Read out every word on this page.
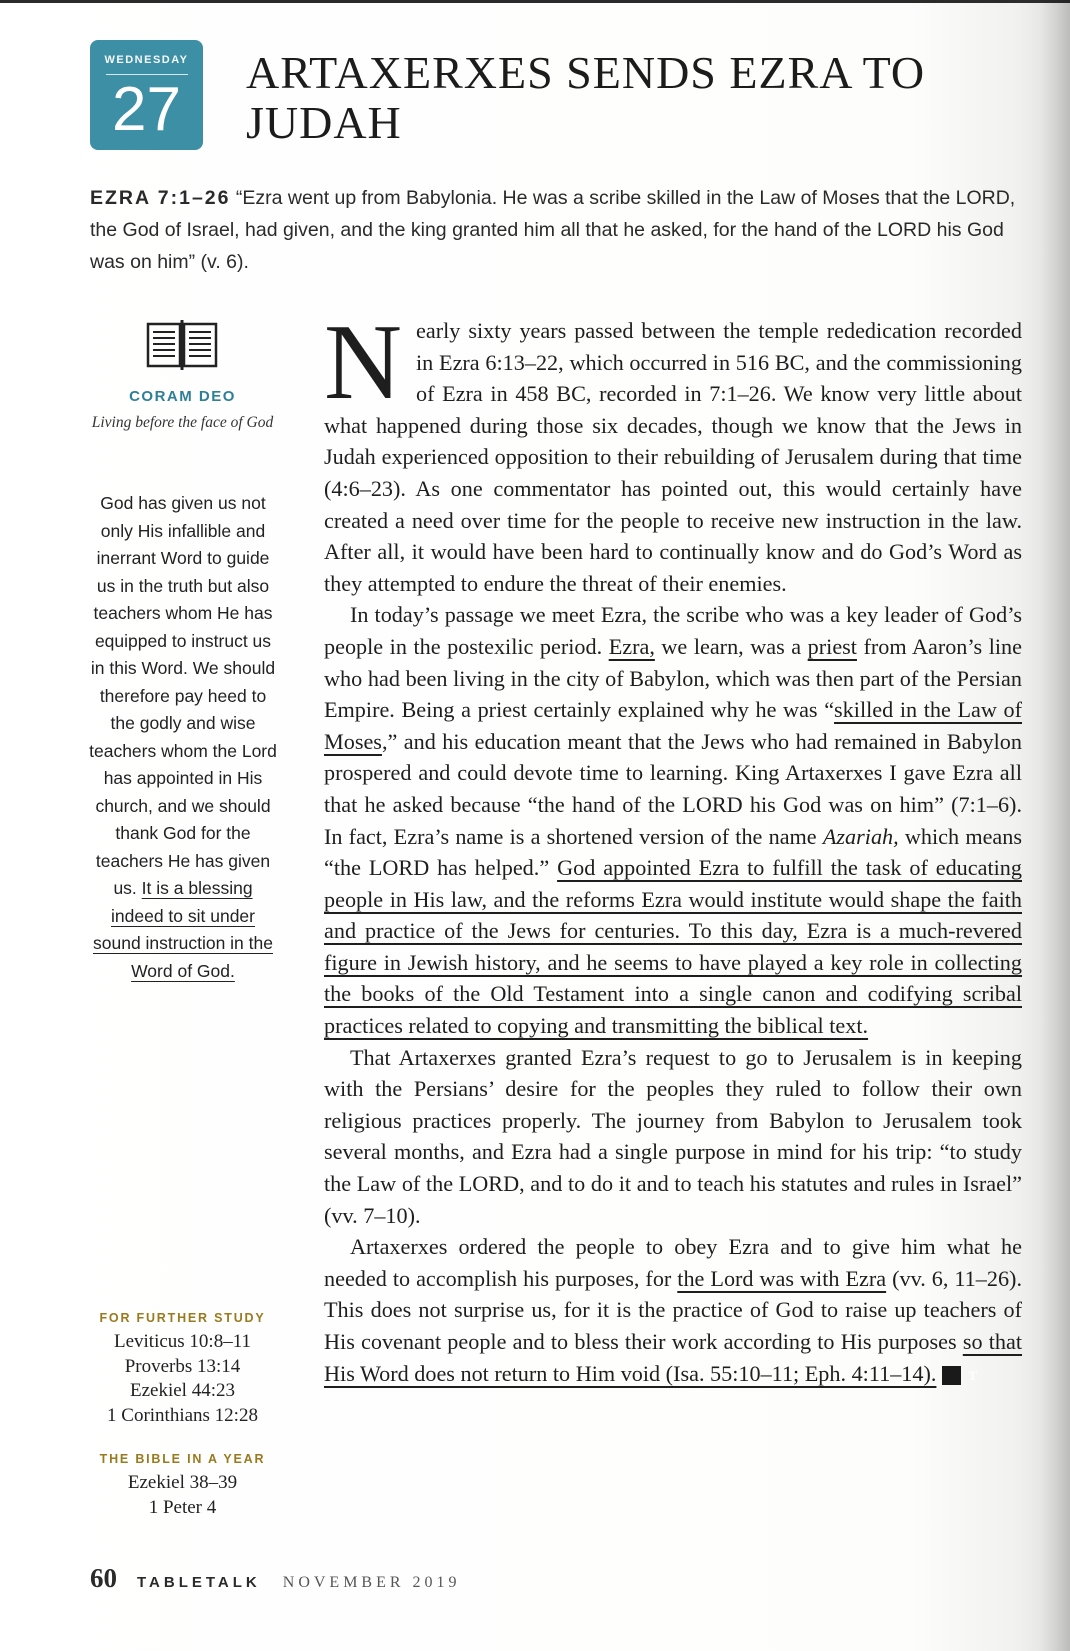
WEDNESDAY
27
ARTAXERXES SENDS EZRA TO JUDAH
EZRA 7:1–26 “Ezra went up from Babylonia. He was a scribe skilled in the Law of Moses that the LORD, the God of Israel, had given, and the king granted him all that he asked, for the hand of the LORD his God was on him” (v. 6).
CORAM DEO
Living before the face of God
God has given us not only His infallible and inerrant Word to guide us in the truth but also teachers whom He has equipped to instruct us in this Word. We should therefore pay heed to the godly and wise teachers whom the Lord has appointed in His church, and we should thank God for the teachers He has given us. It is a blessing indeed to sit under sound instruction in the Word of God.
FOR FURTHER STUDY
Leviticus 10:8–11
Proverbs 13:14
Ezekiel 44:23
1 Corinthians 12:28
THE BIBLE IN A YEAR
Ezekiel 38–39
1 Peter 4

Nearly sixty years passed between the temple rededication recorded in Ezra 6:13–22, which occurred in 516 BC, and the commissioning of Ezra in 458 BC, recorded in 7:1–26. We know very little about what happened during those six decades, though we know that the Jews in Judah experienced opposition to their rebuilding of Jerusalem during that time (4:6–23). As one commentator has pointed out, this would certainly have created a need over time for the people to receive new instruction in the law. After all, it would have been hard to continually know and do God’s Word as they attempted to endure the threat of their enemies.

In today’s passage we meet Ezra, the scribe who was a key leader of God’s people in the postexilic period. Ezra, we learn, was a priest from Aaron’s line who had been living in the city of Babylon, which was then part of the Persian Empire. Being a priest certainly explained why he was “skilled in the Law of Moses,” and his education meant that the Jews who had remained in Babylon prospered and could devote time to learning. King Artaxerxes I gave Ezra all that he asked because “the hand of the LORD his God was on him” (7:1–6). In fact, Ezra’s name is a shortened version of the name Azariah, which means “the LORD has helped.” God appointed Ezra to fulfill the task of educating people in His law, and the reforms Ezra would institute would shape the faith and practice of the Jews for centuries. To this day, Ezra is a much-revered figure in Jewish history, and he seems to have played a key role in collecting the books of the Old Testament into a single canon and codifying scribal practices related to copying and transmitting the biblical text.

That Artaxerxes granted Ezra’s request to go to Jerusalem is in keeping with the Persians’ desire for the peoples they ruled to follow their own religious practices properly. The journey from Babylon to Jerusalem took several months, and Ezra had a single purpose in mind for his trip: “to study the Law of the LORD, and to do it and to teach his statutes and rules in Israel” (vv. 7–10).

Artaxerxes ordered the people to obey Ezra and to give him what he needed to accomplish his purposes, for the Lord was with Ezra (vv. 6, 11–26). This does not surprise us, for it is the practice of God to raise up teachers of His covenant people and to bless their work according to His purposes so that His Word does not return to Him void (Isa. 55:10–11; Eph. 4:11–14). T

60 TABLETALK NOVEMBER 2019
